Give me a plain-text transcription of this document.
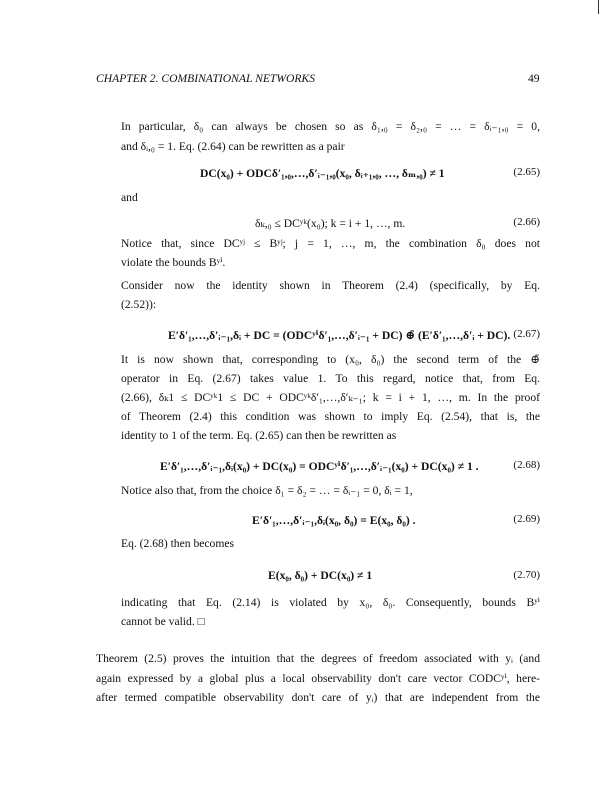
CHAPTER 2. COMBINATIONAL NETWORKS	49
In particular, δ₀ can always be chosen so as δ₁,₀ = δ₂,₀ = … = δᵢ₋₁,₀ = 0,
and δᵢ,₀ = 1. Eq. (2.64) can be rewritten as a pair
DC(x₀) + ODCδ′₁,₀,…,δ′ᵢ₋₁,₀(x₀, δᵢ₊₁,₀, …, δₘ,₀) ≠ 1	(2.65)
and
δₖ,₀ ≤ DCʸᵏ(x₀); k = i + 1, …, m.	(2.66)
Notice that, since DCʸʲ ≤ Bʸʲ; j = 1, …, m, the combination δ₀ does not
violate the bounds Bʸⁱ.
Consider now the identity shown in Theorem (2.4) (specifically, by Eq.
(2.52)):
E′δ′₁,…,δ′ᵢ₋₁,δᵢ + DC = (ODCʸⁱδ′₁,…,δ′ᵢ₋₁ + DC) ⊕̄ (E′δ′₁,…,δ′ᵢ + DC). (2.67)
It is now shown that, corresponding to (x₀, δ₀) the second term of the ⊕̄
operator in Eq. (2.67) takes value 1. To this regard, notice that, from Eq.
(2.66), δₖ1 ≤ DCʸᵏ1 ≤ DC + ODCʸᵏδ′₁,…,δ′ₖ₋₁; k = i + 1, …, m. In the proof
of Theorem (2.4) this condition was shown to imply Eq. (2.54), that is, the
identity to 1 of the term. Eq. (2.65) can then be rewritten as
E′δ′₁,…,δ′ᵢ₋₁,δᵢ(x₀) + DC(x₀) = ODCʸⁱδ′₁,…,δ′ᵢ₋₁(x₀) + DC(x₀) ≠ 1 .	(2.68)
Notice also that, from the choice δ₁ = δ₂ = … = δᵢ₋₁ = 0, δᵢ = 1,
E′δ′₁,…,δ′ᵢ₋₁,δᵢ(x₀, δ₀) = E(x₀, δ₀) .	(2.69)
Eq. (2.68) then becomes
E(x₀, δ₀) + DC(x₀) ≠ 1	(2.70)
indicating that Eq. (2.14) is violated by x₀, δ₀. Consequently, bounds Bʸⁱ
cannot be valid. □
Theorem (2.5) proves the intuition that the degrees of freedom associated with yᵢ (and
again expressed by a global plus a local observability don't care vector CODCʸⁱ, here-
after termed compatible observability don't care of yᵢ) that are independent from the
